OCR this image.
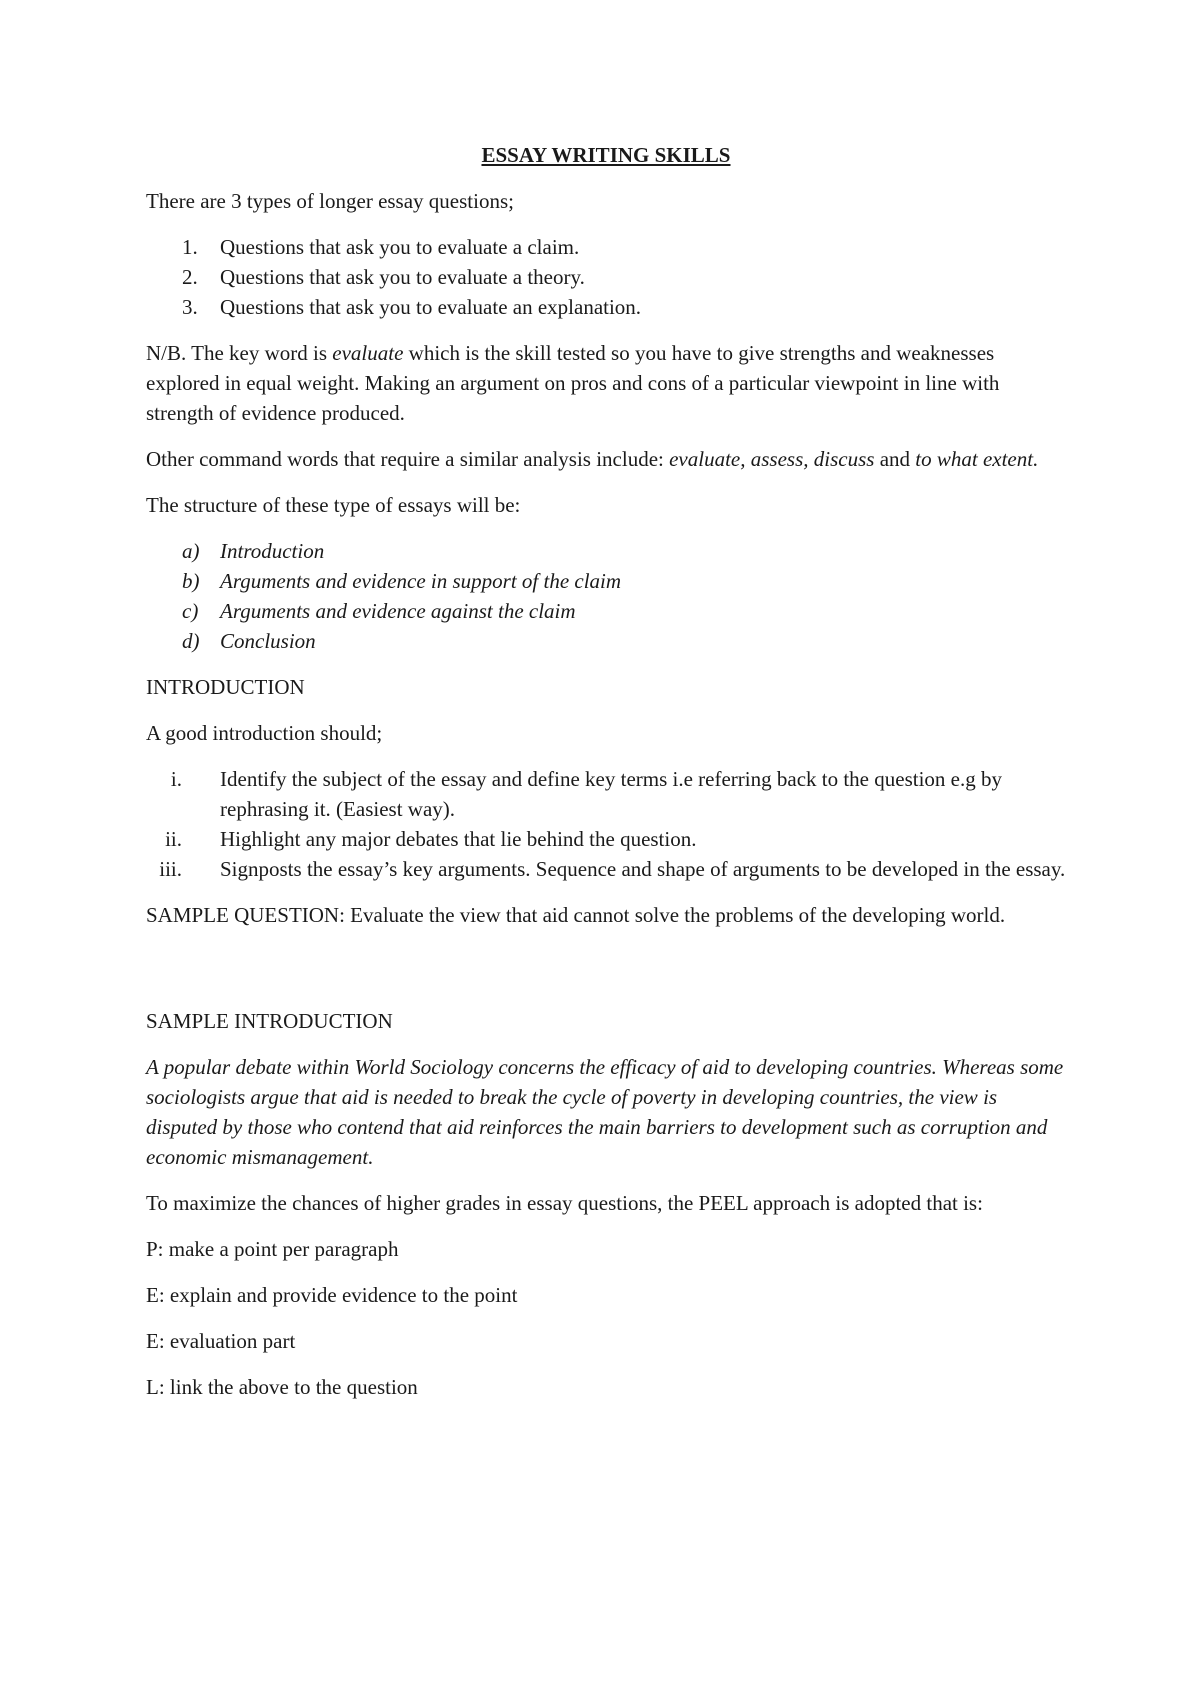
ESSAY WRITING SKILLS

There are 3 types of longer essay questions;

1. Questions that ask you to evaluate a claim.
2. Questions that ask you to evaluate a theory.
3. Questions that ask you to evaluate an explanation.

N/B. The key word is evaluate which is the skill tested so you have to give strengths and weaknesses explored in equal weight. Making an argument on pros and cons of a particular viewpoint in line with strength of evidence produced.

Other command words that require a similar analysis include: evaluate, assess, discuss and to what extent.

The structure of these type of essays will be:

a) Introduction
b) Arguments and evidence in support of the claim
c) Arguments and evidence against the claim
d) Conclusion

INTRODUCTION

A good introduction should;

i. Identify the subject of the essay and define key terms i.e referring back to the question e.g by rephrasing it. (Easiest way).
ii. Highlight any major debates that lie behind the question.
iii. Signposts the essay’s key arguments. Sequence and shape of arguments to be developed in the essay.

SAMPLE QUESTION: Evaluate the view that aid cannot solve the problems of the developing world.

SAMPLE INTRODUCTION

A popular debate within World Sociology concerns the efficacy of aid to developing countries. Whereas some sociologists argue that aid is needed to break the cycle of poverty in developing countries, the view is disputed by those who contend that aid reinforces the main barriers to development such as corruption and economic mismanagement.

To maximize the chances of higher grades in essay questions, the PEEL approach is adopted that is:

P: make a point per paragraph

E: explain and provide evidence to the point

E: evaluation part

L: link the above to the question
